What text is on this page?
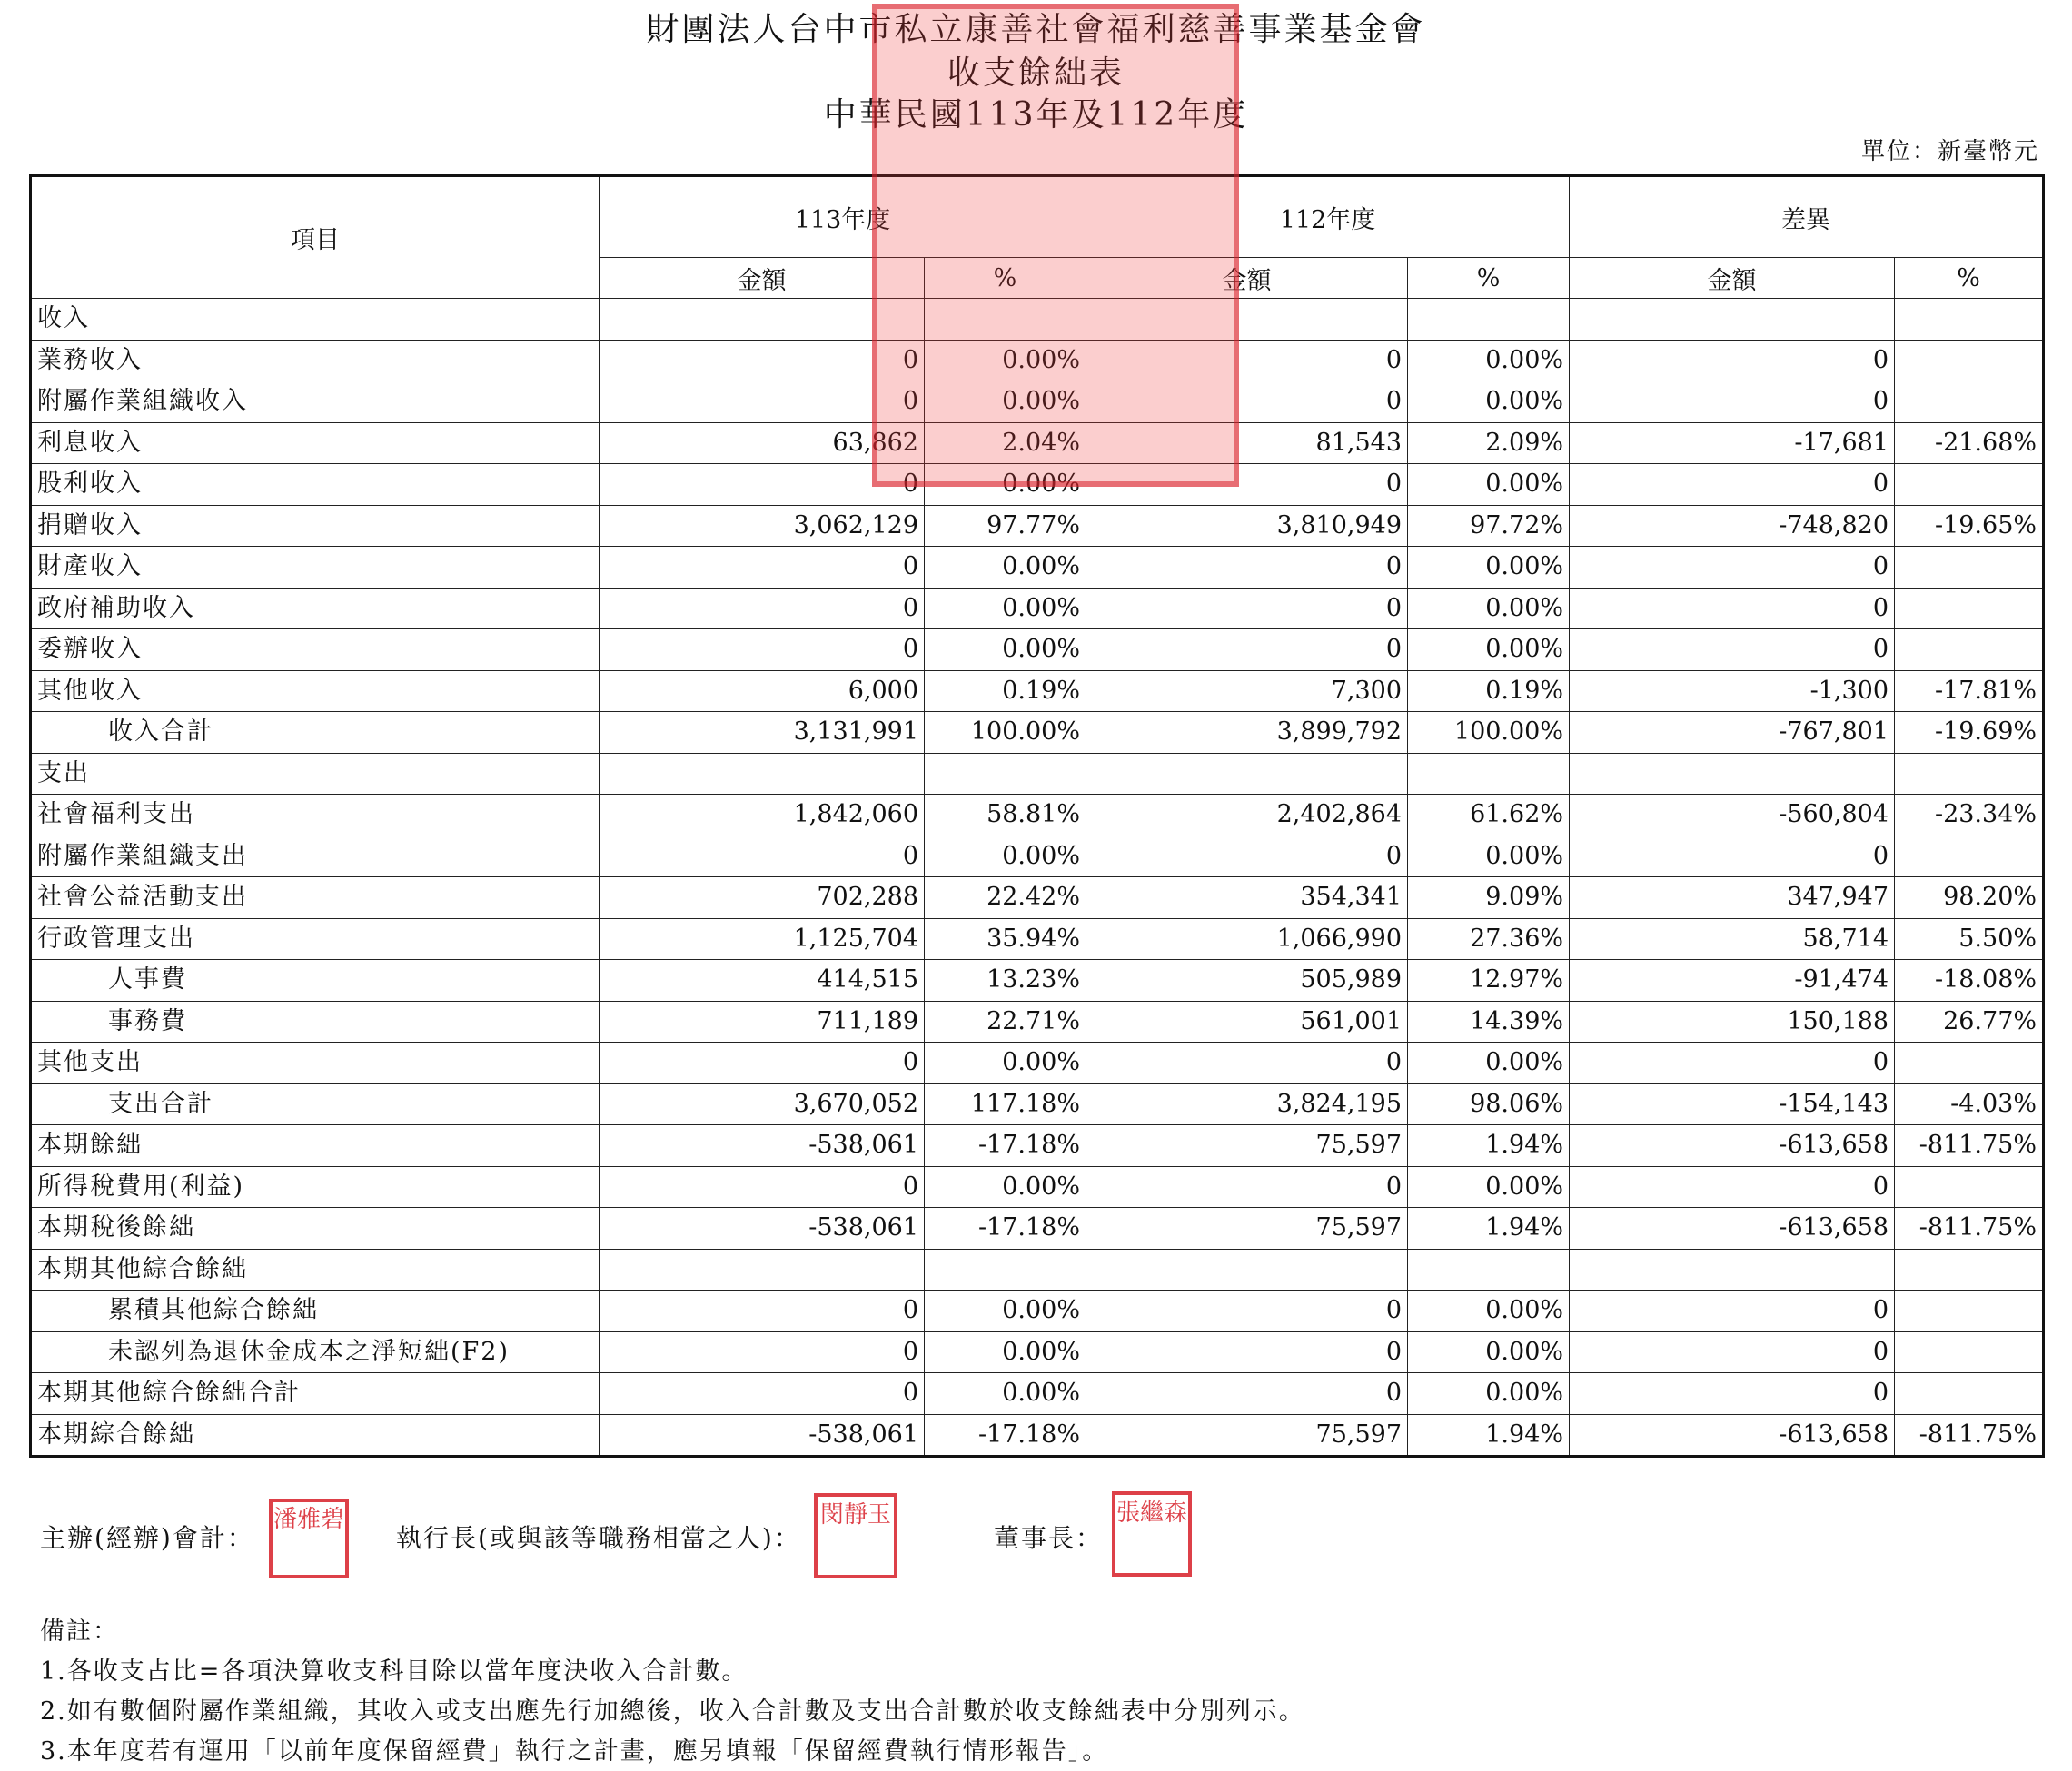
財團法人台中市私立康善社會福利慈善事業基金會
收支餘絀表
中華民國113年及112年度
單位：新臺幣元
項目	113年度		112年度		差異	
	金額	%	金額	%	金額	%
收入						
業務收入	0	0.00%	0	0.00%	0	
附屬作業組織收入	0	0.00%	0	0.00%	0	
利息收入	63,862	2.04%	81,543	2.09%	-17,681	-21.68%
股利收入	0	0.00%	0	0.00%	0	
捐贈收入	3,062,129	97.77%	3,810,949	97.72%	-748,820	-19.65%
財產收入	0	0.00%	0	0.00%	0	
政府補助收入	0	0.00%	0	0.00%	0	
委辦收入	0	0.00%	0	0.00%	0	
其他收入	6,000	0.19%	7,300	0.19%	-1,300	-17.81%
收入合計	3,131,991	100.00%	3,899,792	100.00%	-767,801	-19.69%
支出						
社會福利支出	1,842,060	58.81%	2,402,864	61.62%	-560,804	-23.34%
附屬作業組織支出	0	0.00%	0	0.00%	0	
社會公益活動支出	702,288	22.42%	354,341	9.09%	347,947	98.20%
行政管理支出	1,125,704	35.94%	1,066,990	27.36%	58,714	5.50%
人事費	414,515	13.23%	505,989	12.97%	-91,474	-18.08%
事務費	711,189	22.71%	561,001	14.39%	150,188	26.77%
其他支出	0	0.00%	0	0.00%	0	
支出合計	3,670,052	117.18%	3,824,195	98.06%	-154,143	-4.03%
本期餘絀	-538,061	-17.18%	75,597	1.94%	-613,658	-811.75%
所得稅費用(利益)	0	0.00%	0	0.00%	0	
本期稅後餘絀	-538,061	-17.18%	75,597	1.94%	-613,658	-811.75%
本期其他綜合餘絀						
累積其他綜合餘絀	0	0.00%	0	0.00%	0	
未認列為退休金成本之淨短絀(F2)	0	0.00%	0	0.00%	0	
本期其他綜合餘絀合計	0	0.00%	0	0.00%	0	
本期綜合餘絀	-538,061	-17.18%	75,597	1.94%	-613,658	-811.75%
主辦(經辦)會計：
潘雅碧
執行長(或與該等職務相當之人)：
閔靜玉
董事長：
張繼森
備註：
1.各收支占比=各項決算收支科目除以當年度決收入合計數。
2.如有數個附屬作業組織，其收入或支出應先行加總後，收入合計數及支出合計數於收支餘絀表中分別列示。
3.本年度若有運用「以前年度保留經費」執行之計畫，應另填報「保留經費執行情形報告」。
